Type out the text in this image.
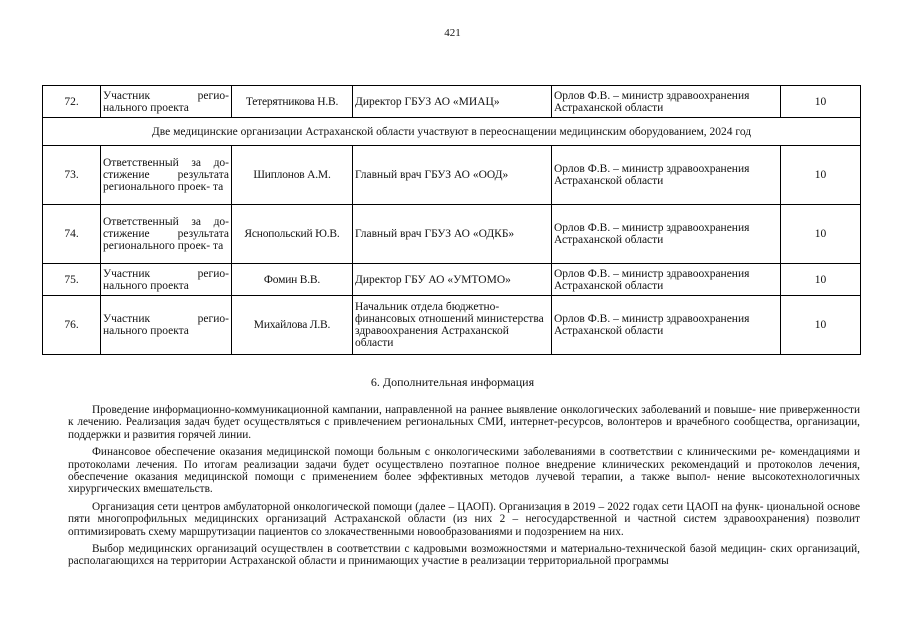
421
72.	Участник регио- нального проекта	Тетерятникова Н.В.	Директор ГБУЗ АО «МИАЦ»	Орлов Ф.В. – министр здравоохранения Астраханской области	10
Две медицинские организации Астраханской области участвуют в переоснащении медицинским оборудованием, 2024 год					
73.	Ответственный за до- стижение результата регионального проек- та	Шиплонов А.М.	Главный врач ГБУЗ АО «ООД»	Орлов Ф.В. – министр здравоохранения Астраханской области	10
74.	Ответственный за до- стижение результата регионального проек- та	Яснопольский Ю.В.	Главный врач ГБУЗ АО «ОДКБ»	Орлов Ф.В. – министр здравоохранения Астраханской области	10
75.	Участник регио- нального проекта	Фомин В.В.	Директор ГБУ АО «УМТОМО»	Орлов Ф.В. – министр здравоохранения Астраханской области	10
76.	Участник регио- нального проекта	Михайлова Л.В.	Начальник отдела бюджетно- финансовых отношений министерства здравоохранения Астраханской области	Орлов Ф.В. – министр здравоохранения Астраханской области	10
6. Дополнительная информация

Проведение информационно-коммуникационной кампании, направленной на раннее выявление онкологических заболеваний и повыше- ние приверженности к лечению. Реализация задач будет осуществляться с привлечением региональных СМИ, интернет-ресурсов, волонтеров и врачебного сообщества, организации, поддержки и развития горячей линии.

Финансовое обеспечение оказания медицинской помощи больным с онкологическими заболеваниями в соответствии с клиническими ре- комендациями и протоколами лечения. По итогам реализации задачи будет осуществлено поэтапное полное внедрение клинических рекомендаций и протоколов лечения, обеспечение оказания медицинской помощи с применением более эффективных методов лучевой терапии, а также выпол- нение высокотехнологичных хирургических вмешательств.

Организация сети центров амбулаторной онкологической помощи (далее – ЦАОП). Организация в 2019 – 2022 годах сети ЦАОП на функ- циональной основе пяти многопрофильных медицинских организаций Астраханской области (из них 2 – негосударственной и частной систем здравоохранения) позволит оптимизировать схему маршрутизации пациентов со злокачественными новообразованиями и подозрением на них.

Выбор медицинских организаций осуществлен в соответствии с кадровыми возможностями и материально-технической базой медицин- ских организаций, располагающихся на территории Астраханской области и принимающих участие в реализации территориальной программы
